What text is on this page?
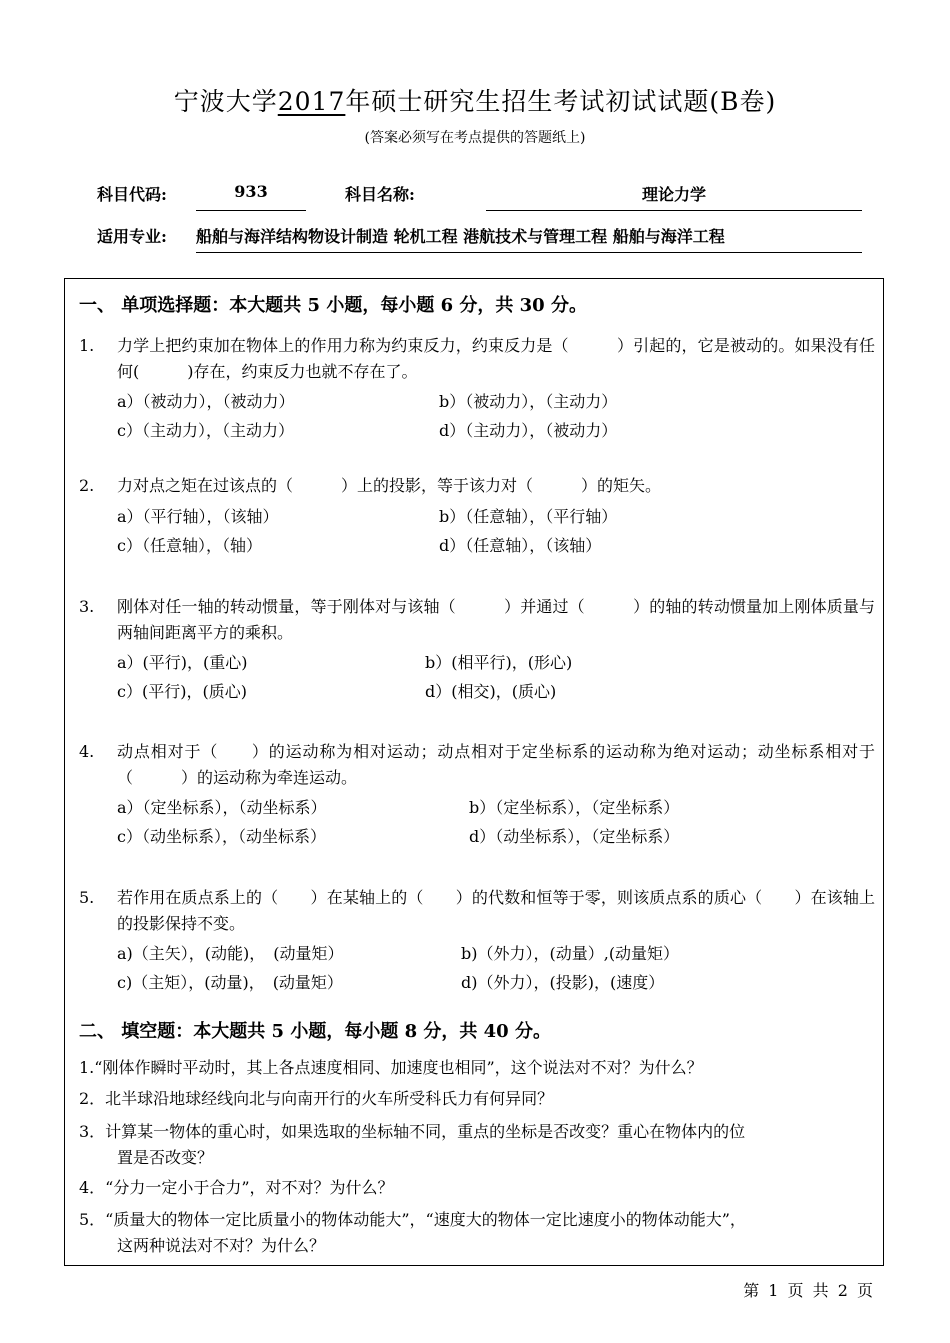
宁波大学2017年硕士研究生招生考试初试试题(B卷)
(答案必须写在考点提供的答题纸上)
科目代码:	933	科目名称:	理论力学
适用专业: 船舶与海洋结构物设计制造 轮机工程 港航技术与管理工程 船舶与海洋工程
一、 单项选择题：本大题共 5 小题，每小题 6 分，共 30 分。
1. 力学上把约束加在物体上的作用力称为约束反力，约束反力是（　　　）引起的，它是被动的。如果没有任何(　　　)存在，约束反力也就不存在了。
a）（被动力），（被动力）	b）（被动力），（主动力）
c）（主动力），（主动力）	d）（主动力），（被动力）
2. 力对点之矩在过该点的（　　　）上的投影，等于该力对（　　　）的矩矢。
a）（平行轴），（该轴）	b）（任意轴），（平行轴）
c）（任意轴），（轴）	d）（任意轴），（该轴）
3. 刚体对任一轴的转动惯量，等于刚体对与该轴（　　　）并通过（　　　）的轴的转动惯量加上刚体质量与两轴间距离平方的乘积。
a）(平行)，(重心)	b）(相平行)，(形心)
c）(平行)，(质心)	d）(相交)，(质心)
4. 动点相对于（　　）的运动称为相对运动；动点相对于定坐标系的运动称为绝对运动；动坐标系相对于（　　　）的运动称为牵连运动。
a）（定坐标系），（动坐标系）	b）（定坐标系），（定坐标系）
c）（动坐标系），（动坐标系）	d）（动坐标系），（定坐标系）
5. 若作用在质点系上的（　　）在某轴上的（　　）的代数和恒等于零，则该质点系的质心（　　）在该轴上的投影保持不变。
a)（主矢），(动能)，　(动量矩）	b)（外力），(动量）,(动量矩）
c)（主矩），(动量)，　(动量矩）	d)（外力），(投影)，(速度）
二、 填空题：本大题共 5 小题，每小题 8 分，共 40 分。
1.“刚体作瞬时平动时，其上各点速度相同、加速度也相同”，这个说法对不对？为什么？
2．北半球沿地球经线向北与向南开行的火车所受科氏力有何异同？
3．计算某一物体的重心时，如果选取的坐标轴不同，重点的坐标是否改变？重心在物体内的位
置是否改变？
4．“分力一定小于合力”，对不对？为什么？
5．“质量大的物体一定比质量小的物体动能大”，“速度大的物体一定比速度小的物体动能大”，
这两种说法对不对？为什么？
第 1 页 共 2 页
